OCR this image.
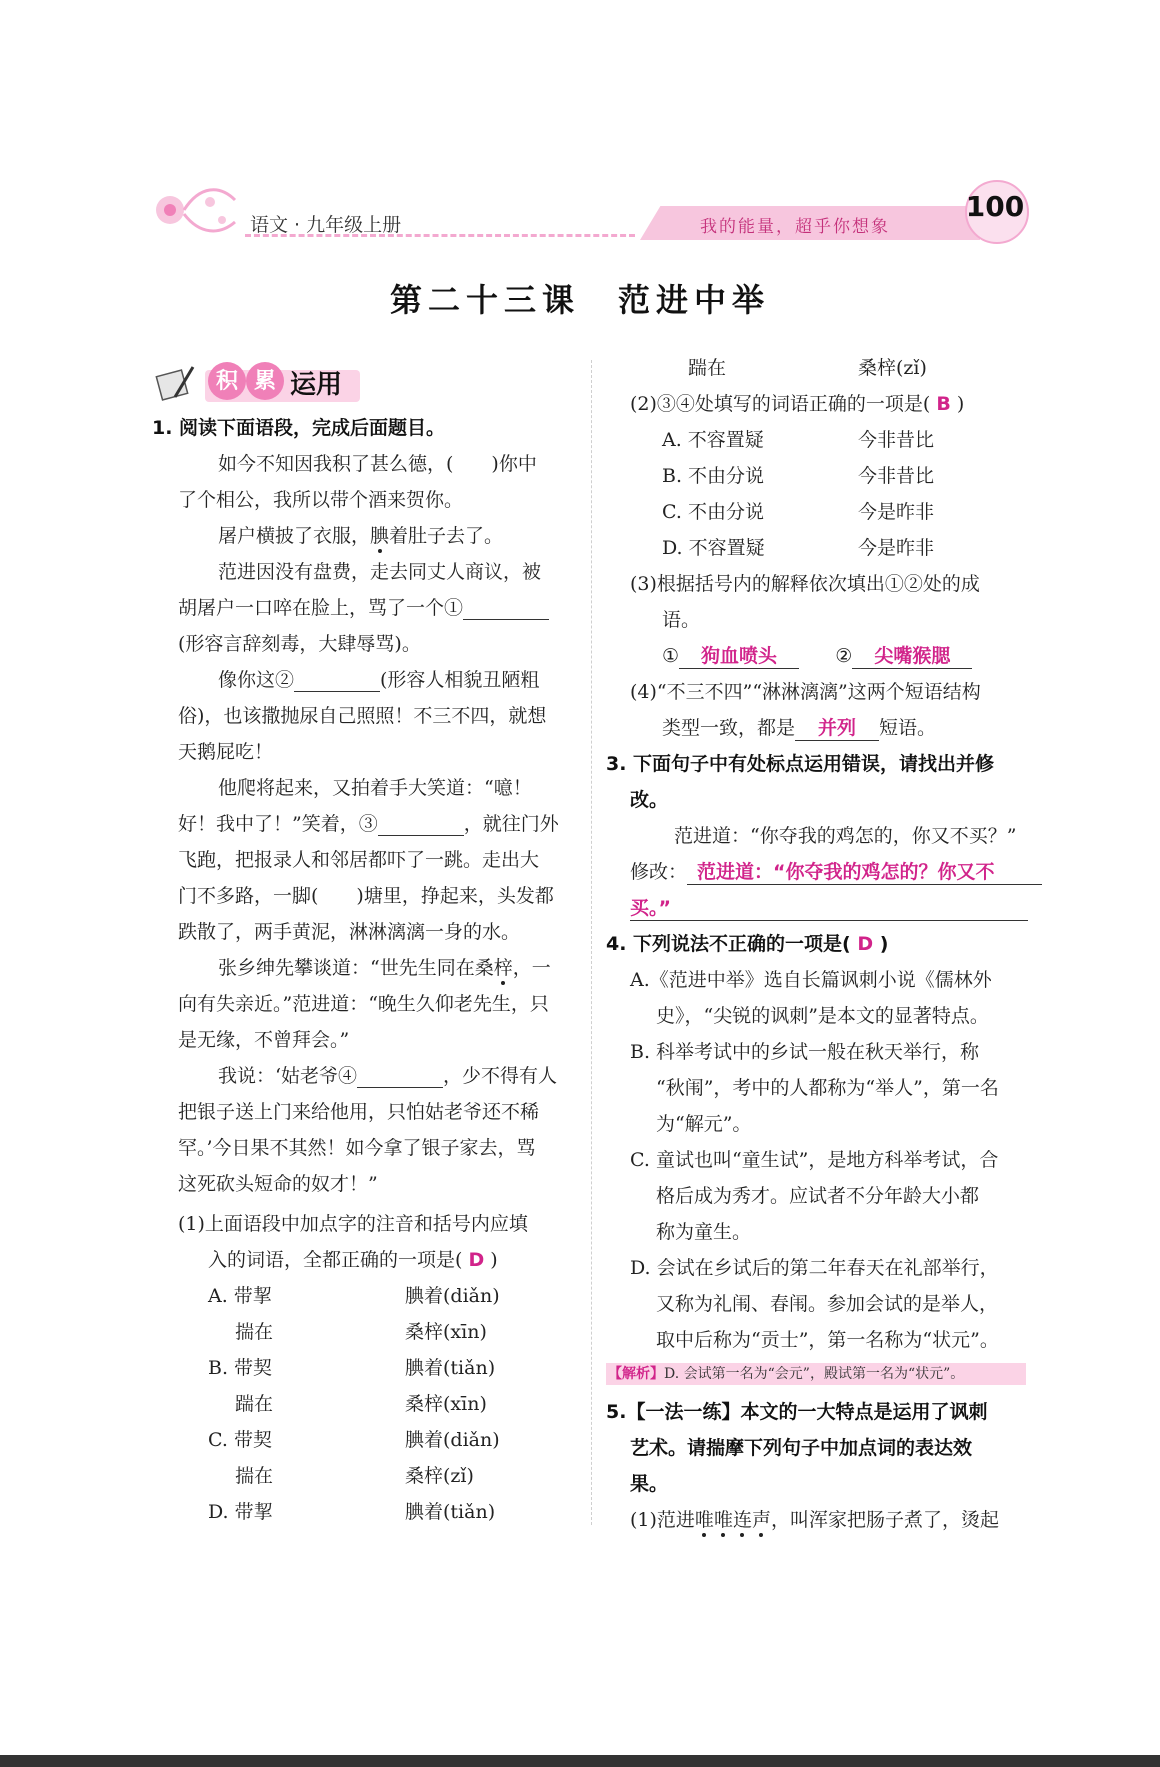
语文 · 九年级上册	我的能量，超乎你想象
100
第二十三课　范进中举
积 累 运用
1. 阅读下面语段，完成后面题目。
如今不知因我积了甚么德，(　　)你中
了个相公，我所以带个酒来贺你。
屠户横披了衣服，腆着肚子去了。
范进因没有盘费，走去同丈人商议，被
胡屠户一口啐在脸上，骂了一个①
(形容言辞刻毒，大肆辱骂)。
像你这②	(形容人相貌丑陋粗
俗)，也该撒抛尿自己照照！不三不四，就想
天鹅屁吃！
他爬将起来，又拍着手大笑道：“噫！
好！我中了！”笑着，③	，就往门外
飞跑，把报录人和邻居都吓了一跳。走出大
门不多路，一脚(　　)塘里，挣起来，头发都
跌散了，两手黄泥，淋淋漓漓一身的水。
张乡绅先攀谈道：“世先生同在桑梓，一
向有失亲近。”范进道：“晚生久仰老先生，只
是无缘，不曾拜会。”
我说：‘姑老爷④	，少不得有人
把银子送上门来给他用，只怕姑老爷还不稀
罕。’今日果不其然！如今拿了银子家去，骂
这死砍头短命的奴才！”
(1)上面语段中加点字的注音和括号内应填
入的词语，全都正确的一项是( D )
A. 带挈	腆着(diǎn)
揣在	桑梓(xīn)
B. 带契	腆着(tiǎn)
踹在	桑梓(xīn)
C. 带契	腆着(diǎn)
揣在	桑梓(zǐ)
D. 带挈	腆着(tiǎn)
踹在	桑梓(zǐ)
(2)③④处填写的词语正确的一项是( B )
A. 不容置疑	今非昔比
B. 不由分说	今非昔比
C. 不由分说	今是昨非
D. 不容置疑	今是昨非
(3)根据括号内的解释依次填出①②处的成
语。
① 狗血喷头	② 尖嘴猴腮
(4)“不三不四”“淋淋漓漓”这两个短语结构
类型一致，都是 并列 短语。
3. 下面句子中有处标点运用错误，请找出并修
改。
范进道：“你夺我的鸡怎的，你又不买？”
修改： 范进道：“你夺我的鸡怎的？你又不
买。”
4. 下列说法不正确的一项是( D )
A.《范进中举》选自长篇讽刺小说《儒林外
史》，“尖锐的讽刺”是本文的显著特点。
B. 科举考试中的乡试一般在秋天举行，称
“秋闱”，考中的人都称为“举人”，第一名
为“解元”。
C. 童试也叫“童生试”，是地方科举考试，合
格后成为秀才。应试者不分年龄大小都
称为童生。
D. 会试在乡试后的第二年春天在礼部举行，
又称为礼闱、春闱。参加会试的是举人，
取中后称为“贡士”，第一名称为“状元”。
【解析】D. 会试第一名为“会元”，殿试第一名为“状元”。
5.【一法一练】本文的一大特点是运用了讽刺
艺术。请揣摩下列句子中加点词的表达效
果。
(1)范进唯唯连声，叫浑家把肠子煮了，烫起
